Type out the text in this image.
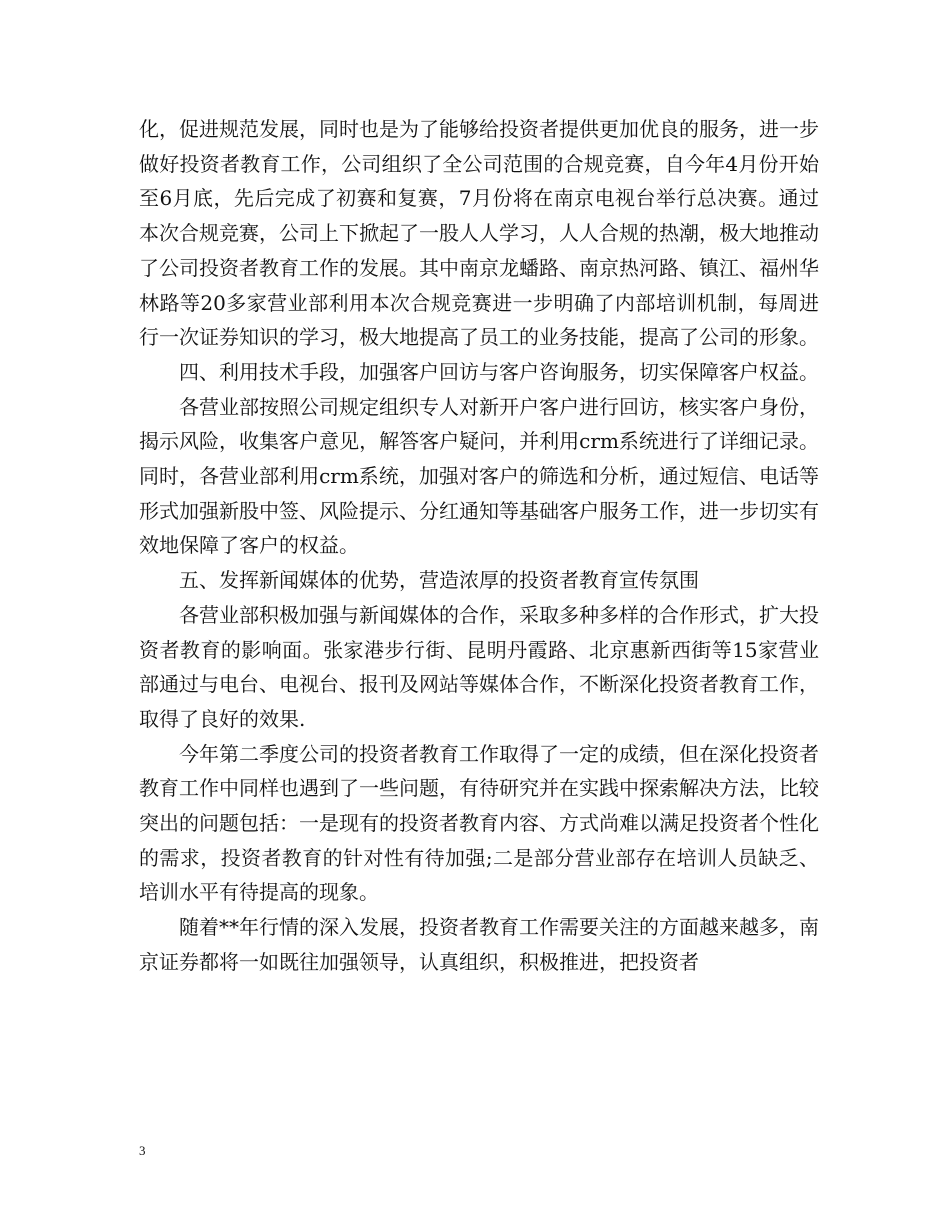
化，促进规范发展，同时也是为了能够给投资者提供更加优良的服务，进一步做好投资者教育工作，公司组织了全公司范围的合规竞赛，自今年4月份开始至6月底，先后完成了初赛和复赛，7月份将在南京电视台举行总决赛。通过本次合规竞赛，公司上下掀起了一股人人学习，人人合规的热潮，极大地推动了公司投资者教育工作的发展。其中南京龙蟠路、南京热河路、镇江、福州华林路等20多家营业部利用本次合规竞赛进一步明确了内部培训机制，每周进行一次证券知识的学习，极大地提高了员工的业务技能，提高了公司的形象。

四、利用技术手段，加强客户回访与客户咨询服务，切实保障客户权益。

各营业部按照公司规定组织专人对新开户客户进行回访，核实客户身份，揭示风险，收集客户意见，解答客户疑问，并利用crm系统进行了详细记录。同时，各营业部利用crm系统，加强对客户的筛选和分析，通过短信、电话等形式加强新股中签、风险提示、分红通知等基础客户服务工作，进一步切实有效地保障了客户的权益。

五、发挥新闻媒体的优势，营造浓厚的投资者教育宣传氛围

各营业部积极加强与新闻媒体的合作，采取多种多样的合作形式，扩大投资者教育的影响面。张家港步行街、昆明丹霞路、北京惠新西街等15家营业部通过与电台、电视台、报刊及网站等媒体合作，不断深化投资者教育工作，取得了良好的效果.

今年第二季度公司的投资者教育工作取得了一定的成绩，但在深化投资者教育工作中同样也遇到了一些问题，有待研究并在实践中探索解决方法，比较突出的问题包括：一是现有的投资者教育内容、方式尚难以满足投资者个性化的需求，投资者教育的针对性有待加强;二是部分营业部存在培训人员缺乏、培训水平有待提高的现象。

随着**年行情的深入发展，投资者教育工作需要关注的方面越来越多，南京证券都将一如既往加强领导，认真组织，积极推进，把投资者

3
